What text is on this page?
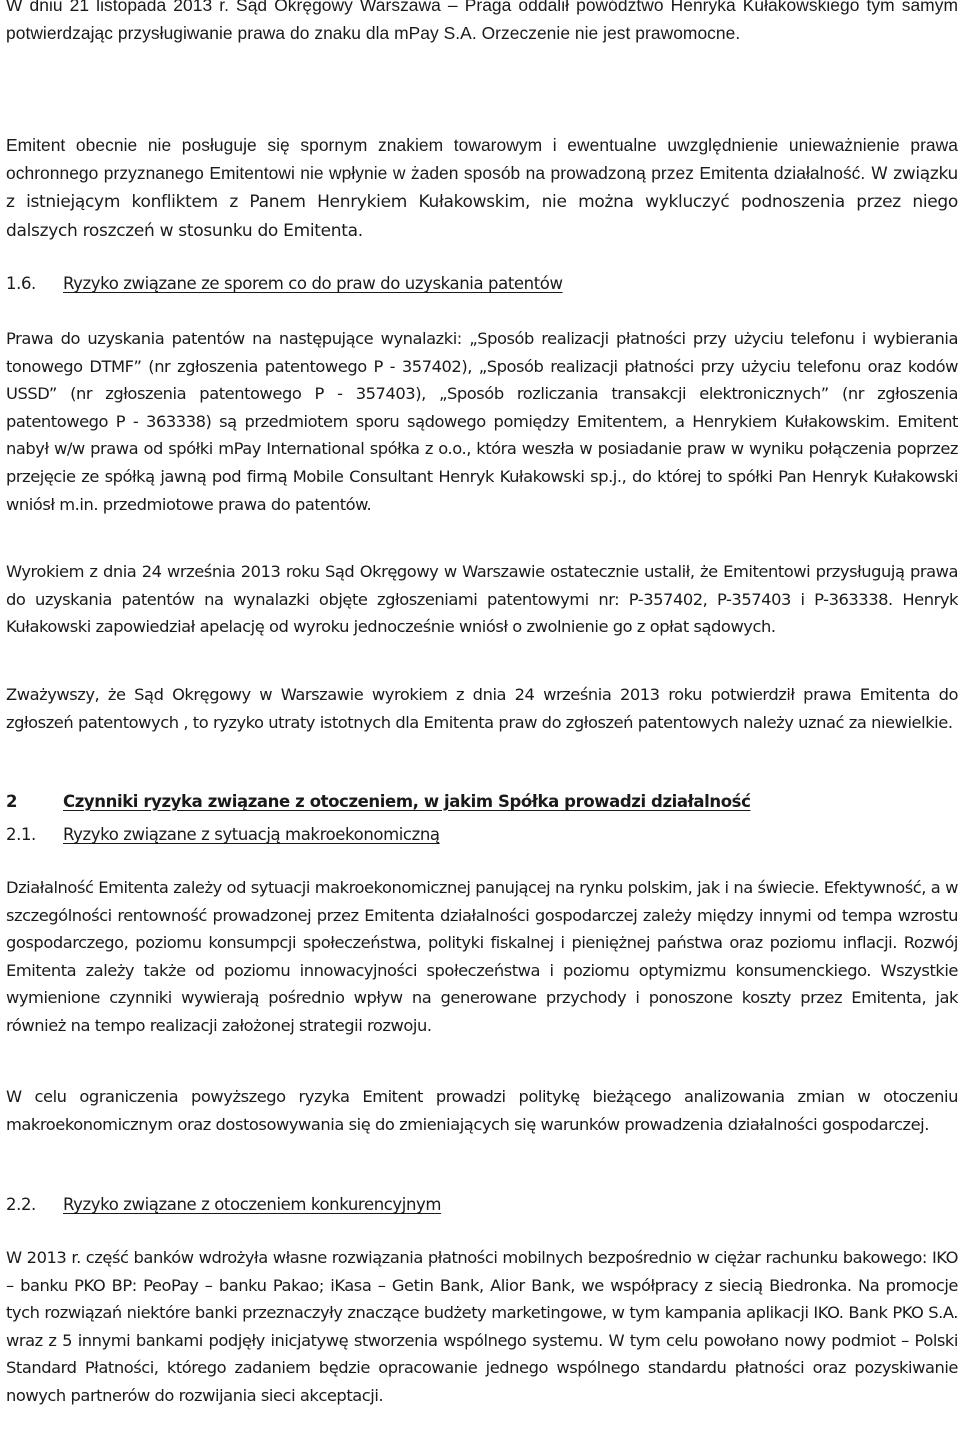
W dniu 21 listopada 2013 r. Sąd Okręgowy Warszawa – Praga oddalił powództwo Henryka Kułakowskiego tym samym potwierdzając przysługiwanie prawa do znaku dla mPay S.A. Orzeczenie nie jest prawomocne.

Emitent obecnie nie posługuje się spornym znakiem towarowym i ewentualne uwzględnienie unieważnienie prawa ochronnego przyznanego Emitentowi nie wpłynie w żaden sposób na prowadzoną przez Emitenta działalność. W związku z istniejącym konfliktem z Panem Henrykiem Kułakowskim, nie można wykluczyć podnoszenia przez niego dalszych roszczeń w stosunku do Emitenta.

1.6.	Ryzyko związane ze sporem co do praw do uzyskania patentów

Prawa do uzyskania patentów na następujące wynalazki: „Sposób realizacji płatności przy użyciu telefonu i wybierania tonowego DTMF” (nr zgłoszenia patentowego P - 357402), „Sposób realizacji płatności przy użyciu telefonu oraz kodów USSD” (nr zgłoszenia patentowego P - 357403), „Sposób rozliczania transakcji elektronicznych” (nr zgłoszenia patentowego P - 363338) są przedmiotem sporu sądowego pomiędzy Emitentem, a Henrykiem Kułakowskim. Emitent nabył w/w prawa od spółki mPay International spółka z o.o., która weszła w posiadanie praw w wyniku połączenia poprzez przejęcie ze spółką jawną pod firmą Mobile Consultant Henryk Kułakowski sp.j., do której to spółki Pan Henryk Kułakowski wniósł m.in. przedmiotowe prawa do patentów.

Wyrokiem z dnia 24 września 2013 roku Sąd Okręgowy w Warszawie ostatecznie ustalił, że Emitentowi przysługują prawa do uzyskania patentów na wynalazki objęte zgłoszeniami patentowymi nr: P-357402, P-357403 i P-363338. Henryk Kułakowski zapowiedział apelację od wyroku jednocześnie wniósł o zwolnienie go z opłat sądowych.

Zważywszy, że Sąd Okręgowy w Warszawie wyrokiem z dnia 24 września 2013 roku potwierdził prawa Emitenta do zgłoszeń patentowych , to ryzyko utraty istotnych dla Emitenta praw do zgłoszeń patentowych należy uznać za niewielkie.

2	Czynniki ryzyka związane z otoczeniem, w jakim Spółka prowadzi działalność
2.1.	Ryzyko związane z sytuacją makroekonomiczną

Działalność Emitenta zależy od sytuacji makroekonomicznej panującej na rynku polskim, jak i na świecie. Efektywność, a w szczególności rentowność prowadzonej przez Emitenta działalności gospodarczej zależy między innymi od tempa wzrostu gospodarczego, poziomu konsumpcji społeczeństwa, polityki fiskalnej i pieniężnej państwa oraz poziomu inflacji. Rozwój Emitenta zależy także od poziomu innowacyjności społeczeństwa i poziomu optymizmu konsumenckiego. Wszystkie wymienione czynniki wywierają pośrednio wpływ na generowane przychody i ponoszone koszty przez Emitenta, jak również na tempo realizacji założonej strategii rozwoju.

W celu ograniczenia powyższego ryzyka Emitent prowadzi politykę bieżącego analizowania zmian w otoczeniu makroekonomicznym oraz dostosowywania się do zmieniających się warunków prowadzenia działalności gospodarczej.

2.2.	Ryzyko związane z otoczeniem konkurencyjnym

W 2013 r. część banków wdrożyła własne rozwiązania płatności mobilnych bezpośrednio w ciężar rachunku bakowego: IKO – banku PKO BP: PeoPay – banku Pakao; iKasa – Getin Bank, Alior Bank, we współpracy z siecią Biedronka. Na promocje tych rozwiązań niektóre banki przeznaczyły znaczące budżety marketingowe, w tym kampania aplikacji IKO. Bank PKO S.A. wraz z 5 innymi bankami podjęły inicjatywę stworzenia wspólnego systemu. W tym celu powołano nowy podmiot – Polski Standard Płatności, którego zadaniem będzie opracowanie jednego wspólnego standardu płatności oraz pozyskiwanie nowych partnerów do rozwijania sieci akceptacji.
